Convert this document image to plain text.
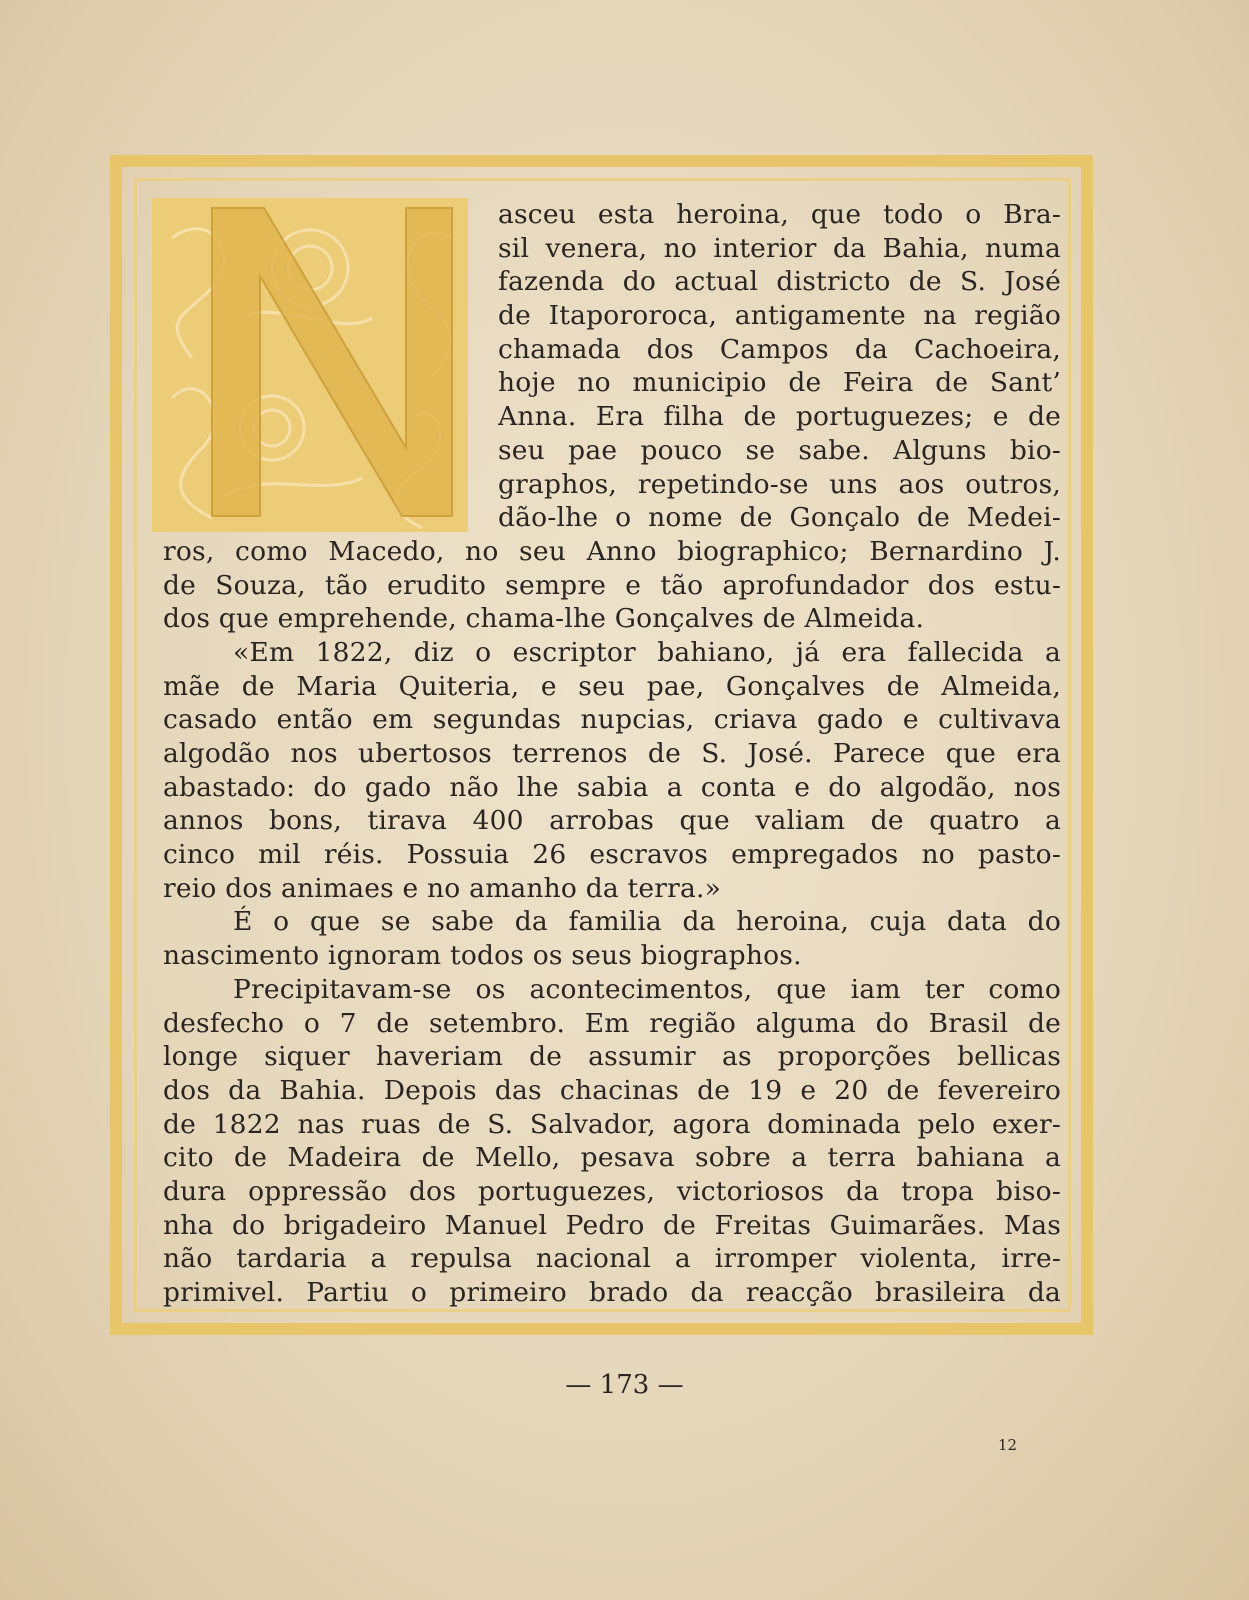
asceu esta heroina, que todo o Bra-
sil venera, no interior da Bahia, numa
fazenda do actual districto de S. José
de Itapororoca, antigamente na região
chamada dos Campos da Cachoeira,
hoje no municipio de Feira de Sant’
Anna. Era filha de portuguezes; e de
seu pae pouco se sabe. Alguns bio-
graphos, repetindo-se uns aos outros,
dão-lhe o nome de Gonçalo de Medei-
ros, como Macedo, no seu Anno biographico; Bernardino J.
de Souza, tão erudito sempre e tão aprofundador dos estu-
dos que emprehende, chama-lhe Gonçalves de Almeida.
«Em 1822, diz o escriptor bahiano, já era fallecida a
mãe de Maria Quiteria, e seu pae, Gonçalves de Almeida,
casado então em segundas nupcias, criava gado e cultivava
algodão nos ubertosos terrenos de S. José. Parece que era
abastado: do gado não lhe sabia a conta e do algodão, nos
annos bons, tirava 400 arrobas que valiam de quatro a
cinco mil réis. Possuia 26 escravos empregados no pasto-
reio dos animaes e no amanho da terra.»
É o que se sabe da familia da heroina, cuja data do
nascimento ignoram todos os seus biographos.
Precipitavam-se os acontecimentos, que iam ter como
desfecho o 7 de setembro. Em região alguma do Brasil de
longe siquer haveriam de assumir as proporções bellicas
dos da Bahia. Depois das chacinas de 19 e 20 de fevereiro
de 1822 nas ruas de S. Salvador, agora dominada pelo exer-
cito de Madeira de Mello, pesava sobre a terra bahiana a
dura oppressão dos portuguezes, victoriosos da tropa biso-
nha do brigadeiro Manuel Pedro de Freitas Guimarães. Mas
não tardaria a repulsa nacional a irromper violenta, irre-
primivel. Partiu o primeiro brado da reacção brasileira da
— 173 —
12
